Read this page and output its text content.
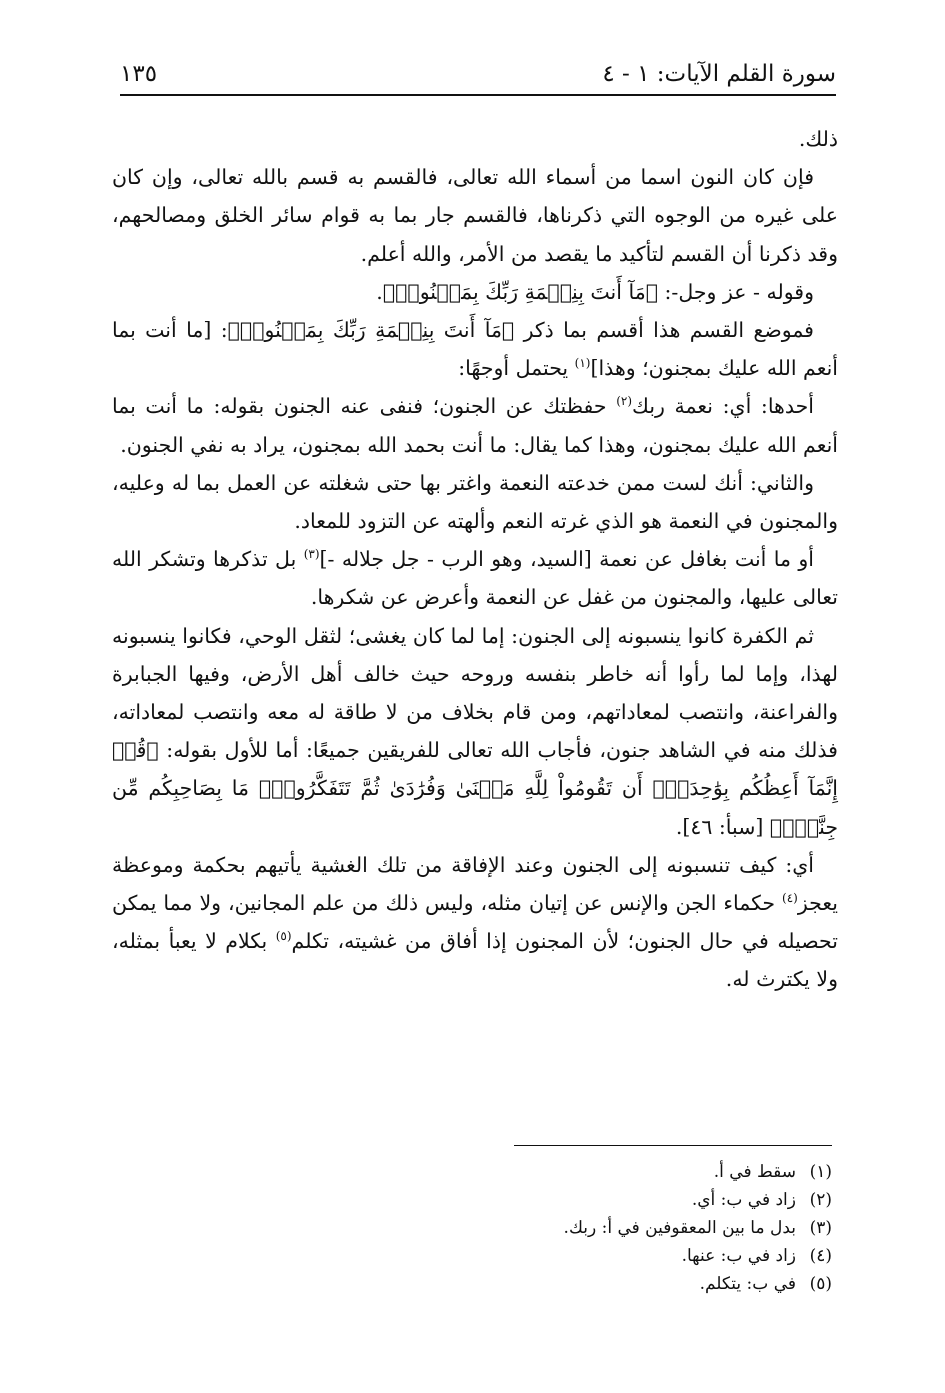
سورة القلم الآيات: ١ - ٤
١٣٥

ذلك.

فإن كان النون اسما من أسماء الله تعالى، فالقسم به قسم بالله تعالى، وإن كان على غيره من الوجوه التي ذكرناها، فالقسم جار بما به قوام سائر الخلق ومصالحهم، وقد ذكرنا أن القسم لتأكيد ما يقصد من الأمر، والله أعلم.

وقوله - عز وجل-: ﴿مَآ أَنتَ بِنِعۡمَةِ رَبِّكَ بِمَجۡنُونٖ﴾.

فموضع القسم هذا أقسم بما ذكر ﴿مَآ أَنتَ بِنِعۡمَةِ رَبِّكَ بِمَجۡنُونٖ﴾: [ما أنت بما أنعم الله عليك بمجنون؛ وهذا]$^{(١)}$ يحتمل أوجهًا:

أحدها: أي: نعمة ربك$^{(٢)}$ حفظتك عن الجنون؛ فنفى عنه الجنون بقوله: ما أنت بما أنعم الله عليك بمجنون، وهذا كما يقال: ما أنت بحمد الله بمجنون، يراد به نفي الجنون.

والثاني: أنك لست ممن خدعته النعمة واغتر بها حتى شغلته عن العمل بما له وعليه، والمجنون في النعمة هو الذي غرته النعم وألهته عن التزود للمعاد.

أو ما أنت بغافل عن نعمة [السيد، وهو الرب - جل جلاله -]$^{(٣)}$ بل تذكرها وتشكر الله تعالى عليها، والمجنون من غفل عن النعمة وأعرض عن شكرها.

ثم الكفرة كانوا ينسبونه إلى الجنون: إما لما كان يغشى؛ لثقل الوحي، فكانوا ينسبونه لهذا، وإما لما رأوا أنه خاطر بنفسه وروحه حيث خالف أهل الأرض، وفيها الجبابرة والفراعنة، وانتصب لمعاداتهم، ومن قام بخلاف من لا طاقة له معه وانتصب لمعاداته، فذلك منه في الشاهد جنون، فأجاب الله تعالى للفريقين جميعًا: أما للأول بقوله: ﴿قُلۡ إِنَّمَآ أَعِظُكُم بِوَٰحِدَةٍۖ أَن تَقُومُواْ لِلَّهِ مَثۡنَىٰ وَفُرَٰدَىٰ ثُمَّ تَتَفَكَّرُواْۚ مَا بِصَاحِبِكُم مِّن جِنَّةٍۚ﴾ [سبأ: ٤٦].

أي: كيف تنسبونه إلى الجنون وعند الإفاقة من تلك الغشية يأتيهم بحكمة وموعظة يعجز$^{(٤)}$ حكماء الجن والإنس عن إتيان مثله، وليس ذلك من علم المجانين، ولا مما يمكن تحصيله في حال الجنون؛ لأن المجنون إذا أفاق من غشيته، تكلم$^{(٥)}$ بكلام لا يعبأ بمثله، ولا يكترث له.

(١)سقط في أ.
(٢)زاد في ب: أي.
(٣)بدل ما بين المعقوفين في أ: ربك.
(٤)زاد في ب: عنها.
(٥)في ب: يتكلم.
